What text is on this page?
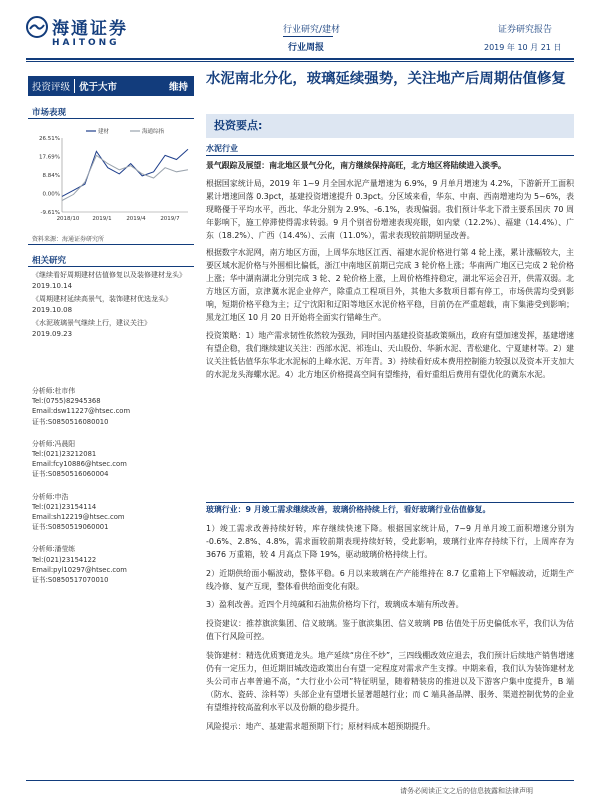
海通证券
HAITONG
行业研究/建材
行业周报
证券研究报告
2019 年 10 月 21 日
投资评级 优于大市	维持
市场表现
26.51%
17.69%
8.84%
0.00%
-9.61%
2018/10 2019/1	2019/4	2019/7
建材	海通综指
资料来源：海通证券研究所
相关研究
《继续看好周期建材估值修复以及装修建材龙头》
2019.10.14
《周期建材延续高景气，装饰建材优选龙头》
2019.10.08
《水泥玻璃景气继续上行，建议关注》
2019.09.23
分析师:杜市伟
Tel:(0755)82945368
Email:dsw11227@htsec.com
证书:S0850516080010
分析师:冯晨阳
Tel:(021)23212081
Email:fcy10886@htsec.com
证书:S0850516060004
分析师:申浩
Tel:(021)23154114
Email:sh12219@htsec.com
证书:S0850519060001
分析师:潘莹练
Tel:(021)23154122
Email:pyl10297@htsec.com
证书:S0850517070010
水泥南北分化，玻璃延续强势，关注地产后周期估值修复
投资要点:
水泥行业

景气跟踪及展望：南北地区景气分化，南方继续保持高旺，北方地区将陆续进入淡季。

根据国家统计局，2019 年 1~9 月全国水泥产量增速为 6.9%，9 月单月增速为 4.2%，下游新开工面积累计增速回落 0.3pct，基建投资增速提升 0.3pct。分区域来看，华东、中南、西南增速均为 5~6%，表现略優于平均水平，西北、华北分别为 2.9%、-6.1%，表现偏弱。我们预计华北下滑主要系国庆 70 周年影响下，施工停滞使得需求转弱。9 月个别省份增速表现亮眼，如内蒙（12.2%）、福建（14.4%）、广东（18.2%）、广西（14.4%）、云南（11.0%），需求表现较前期明显改善。

根据数字水泥网，南方地区方面，上周华东地区江西、福建水泥价格进行第 4 轮上涨，累计涨幅较大，主要区域水泥价格与外围相比偏低，浙江中南地区前期已完成 3 轮价格上涨；华南两广地区已完成 2 轮价格上涨；华中湖南湖北分别完成 3 轮、2 轮价格上涨，上周价格维持稳定，湖北军运会召开，供需双弱。北方地区方面，京津冀水泥企业停产，除重点工程项目外，其他大多数项目都有停工，市场供需均受到影响，短期价格平稳为主；辽宁沈阳和辽阳等地区水泥价格平稳，目前仍在严重超载，南下集港受到影响；黑龙江地区 10 月 20 日开始将全面实行错峰生产。

投资策略：1）地产需求韧性依然较为强劲，同时国内基建投资基政策频出，政府有望加速发挥，基建增速有望企稳，我们继续建议关注：西部水泥、祁连山、天山股份、华新水泥、青松建化、宁夏建材等。2）建议关注低估值华东华北水泥标的上峰水泥、万年青。3）持续看好成本费用控制能力较强以及资本开支加大的水泥龙头海螺水泥。4）北方地区价格提高空间有望维持，看好重组后费用有望优化的冀东水泥。

玻璃行业：9 月竣工需求继续改善，玻璃价格持续上行，看好玻璃行业估值修复。

1）竣工需求改善持续好转，库存继续快速下降。根据国家统计局，7~9 月单月竣工面积增速分别为 -0.6%、2.8%、4.8%，需求面较前期表现持续好转，受此影响，玻璃行业库存持续下行，上周库存为 3676 万重箱，较 4 月高点下降 19%，驱动玻璃价格持续上行。

2）近期供给面小幅波动，整体平稳。6 月以来玻璃在产产能维持在 8.7 亿重箱上下窄幅波动，近期生产线冷修、复产互现，整体看供给面变化有限。

3）盈利改善。近四个月纯碱和石油焦价格均下行，玻璃成本端有所改善。

投资建议：推荐旗滨集团、信义玻璃。鉴于旗滨集团、信义玻璃 PB 估值处于历史偏低水平，我们认为估值下行风险可控。

装饰建材：精选优质赛道龙头。地产延续“房住不炒”，三四线棚改效应退去，我们预计后续地产销售增速仍有一定压力，但近期旧城改造政策出台有望一定程度对需求产生支撑。中期来看，我们认为装饰建材龙头公司市占率普遍不高，“大行业小公司”特征明显，随着精装房的推进以及下游客户集中度提升，B 端（防水、瓷砖、涂料等）头部企业有望增长显著超越行业；而 C 端具备品牌、服务、渠道控制优势的企业有望维持较高盈利水平以及份额的稳步提升。

风险提示：地产、基建需求超预期下行；原材料成本超预期提升。

请务必阅读正文之后的信息披露和法律声明
